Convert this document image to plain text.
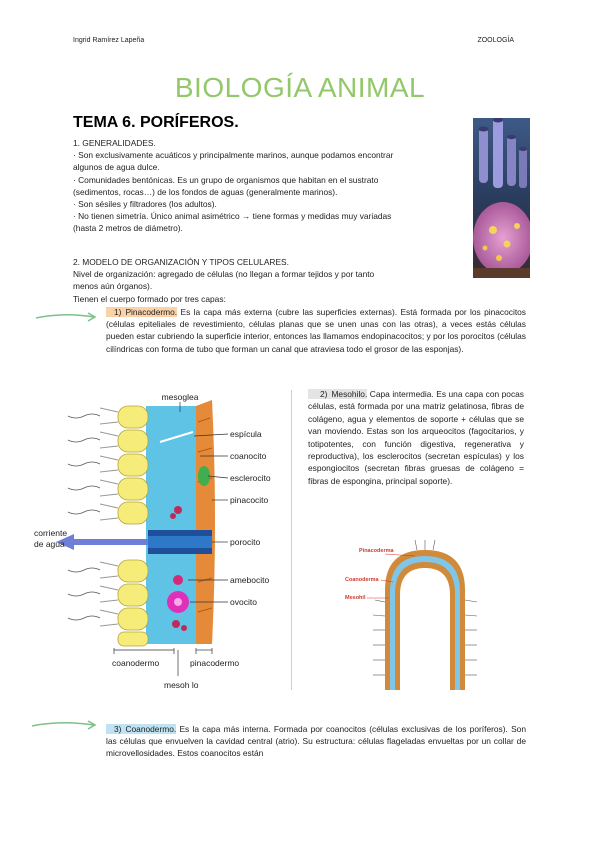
Ingrid Ramírez Lapeña	ZOOLOGÍA
BIOLOGÍA ANIMAL
TEMA 6. PORÍFEROS.
1. GENERALIDADES.
· Son exclusivamente acuáticos y principalmente marinos, aunque podamos encontrar
algunos de agua dulce.
· Comunidades bentónicas. Es un grupo de organismos que habitan en el sustrato
(sedimentos, rocas…) de los fondos de aguas (generalmente marinos).
· Son sésiles y filtradores (los adultos).
· No tienen simetría. Único animal asimétrico → tiene formas y medidas muy variadas
(hasta 2 metros de diámetro).
2. MODELO DE ORGANIZACIÓN Y TIPOS CELULARES.
Nivel de organización: agregado de células (no llegan a formar tejidos y por tanto
menos aún órganos).
Tienen el cuerpo formado por tres capas:
1) Pinacodermo. Es la capa más externa (cubre las superficies externas). Está formada por los pinacocitos (células epiteliales de revestimiento, células planas que se unen unas con las otras), a veces estás células pueden estar cubriendo la superficie interior, entonces las llamamos endopinacocitos; y por los porocitos (células cilíndricas con forma de tubo que forman un canal que atraviesa todo el grosor de las esponjas).
mesoglea
espícula
coanocito
esclerocito
pinacocito
porocito
corriente
de agua
amebocito
ovocito
coanodermo	pinacodermo
mesoh lo
2) Mesohilo. Capa intermedia. Es una capa con pocas células, está formada por una matriz gelatinosa, fibras de colágeno, agua y elementos de soporte + células que se van moviendo. Estas son los arqueocitos (fagocitarios, y totipotentes, con función digestiva, regenerativa y reproductiva), los esclerocitos (secretan espículas) y los espongiocitos (secretan fibras gruesas de colágeno = fibras de espongina, principal soporte).
Pinacoderma
Coanoderma
Mesohil
3) Coanodermo. Es la capa más interna. Formada por coanocitos (células exclusivas de los poríferos). Son las células que envuelven la cavidad central (atrio). Su estructura: células flageladas envueltas por un collar de microvellosidades. Estos coanocitos están
